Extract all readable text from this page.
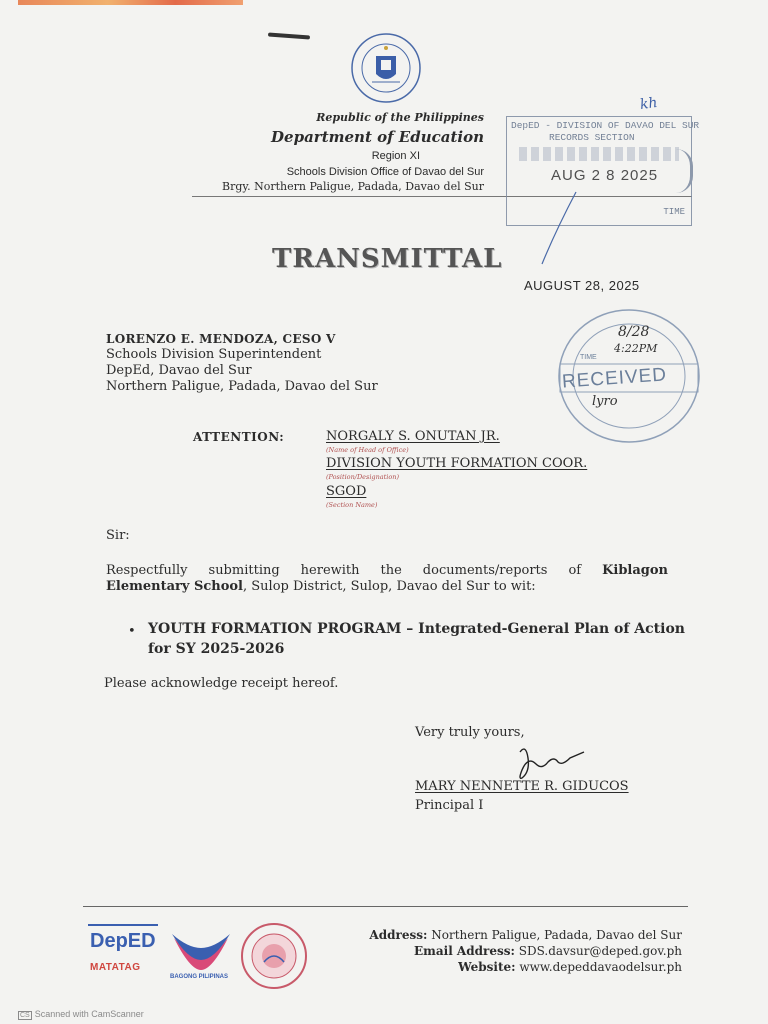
Republic of the Philippines
Department of Education
Region XI
Schools Division Office of Davao del Sur
Brgy. Northern Paligue, Padada, Davao del Sur
DepED - DIVISION OF DAVAO DEL SUR
RECORDS SECTION
AUG 2 8 2025
TIME
kh
TRANSMITTAL
AUGUST 28, 2025
LORENZO E. MENDOZA, CESO V
Schools Division Superintendent
DepEd, Davao del Sur
Northern Paligue, Padada, Davao del Sur
TIME
8/28
4:22PM
RECEIVED
lyro
ATTENTION:	NORGALY S. ONUTAN JR.
(Name of Head of Office)
DIVISION YOUTH FORMATION COOR.
(Position/Designation)
SGOD
(Section Name)
Sir:
Respectfully submitting herewith the documents/reports of Kiblagon
Elementary School, Sulop District, Sulop, Davao del Sur to wit:
• YOUTH FORMATION PROGRAM – Integrated-General Plan of Action for SY 2025-2026
Please acknowledge receipt hereof.
Very truly yours,
MARY NENNETTE R. GIDUCOS
Principal I
DepED
MATATAG
BAGONG PILIPINAS
Address: Northern Paligue, Padada, Davao del Sur
Email Address: SDS.davsur@deped.gov.ph
Website: www.depeddavaodelsur.ph
CS Scanned with CamScanner
